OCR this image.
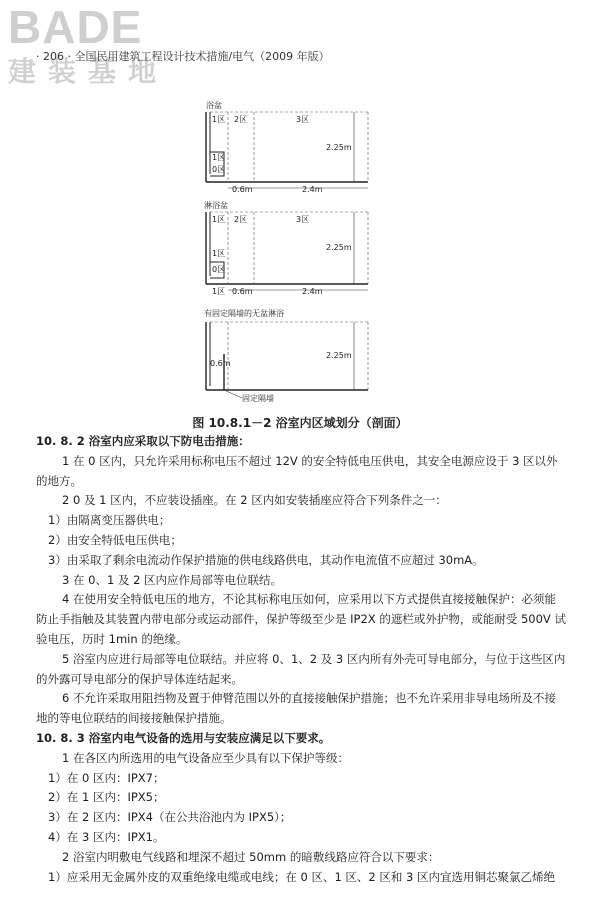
BADE
建装基地
· 206 · 全国民用建筑工程设计技术措施/电气（2009 年版）
浴盆
1区 2区	3区
1区
0区
2.25m
0.6m	2.4m
淋浴盆
1区 2区	3区
1区
0区
2.25m
1区 0.6m	2.4m
有固定隔墙的无盆淋浴
0.6m
2.25m
固定隔墙
图 10.8.1－2 浴室内区域划分（剖面）

10. 8. 2 浴室内应采取以下防电击措施：

1 在 0 区内，只允许采用标称电压不超过 12V 的安全特低电压供电，其安全电源应设于 3 区以外的地方。

2 0 及 1 区内，不应装设插座。在 2 区内如安装插座应符合下列条件之一：

1）由隔离变压器供电；

2）由安全特低电压供电；

3）由采取了剩余电流动作保护措施的供电线路供电，其动作电流值不应超过 30mA。

3 在 0、1 及 2 区内应作局部等电位联结。

4 在使用安全特低电压的地方，不论其标称电压如何，应采用以下方式提供直接接触保护：必须能防止手指触及其装置内带电部分或运动部件，保护等级至少是 IP2X 的遮栏或外护物，或能耐受 500V 试验电压，历时 1min 的绝缘。

5 浴室内应进行局部等电位联结。并应将 0、1、2 及 3 区内所有外壳可导电部分，与位于这些区内的外露可导电部分的保护导体连结起来。

6 不允许采取用阻挡物及置于伸臂范围以外的直接接触保护措施；也不允许采用非导电场所及不接地的等电位联结的间接接触保护措施。

10. 8. 3 浴室内电气设备的选用与安装应满足以下要求。

1 在各区内所选用的电气设备应至少具有以下保护等级：

1）在 0 区内：IPX7；

2）在 1 区内：IPX5；

3）在 2 区内：IPX4（在公共浴池内为 IPX5）；

4）在 3 区内：IPX1。

2 浴室内明敷电气线路和埋深不超过 50mm 的暗敷线路应符合以下要求：

1）应采用无金属外皮的双重绝缘电缆或电线；在 0 区、1 区、2 区和 3 区内宜选用铜芯聚氯乙烯绝
